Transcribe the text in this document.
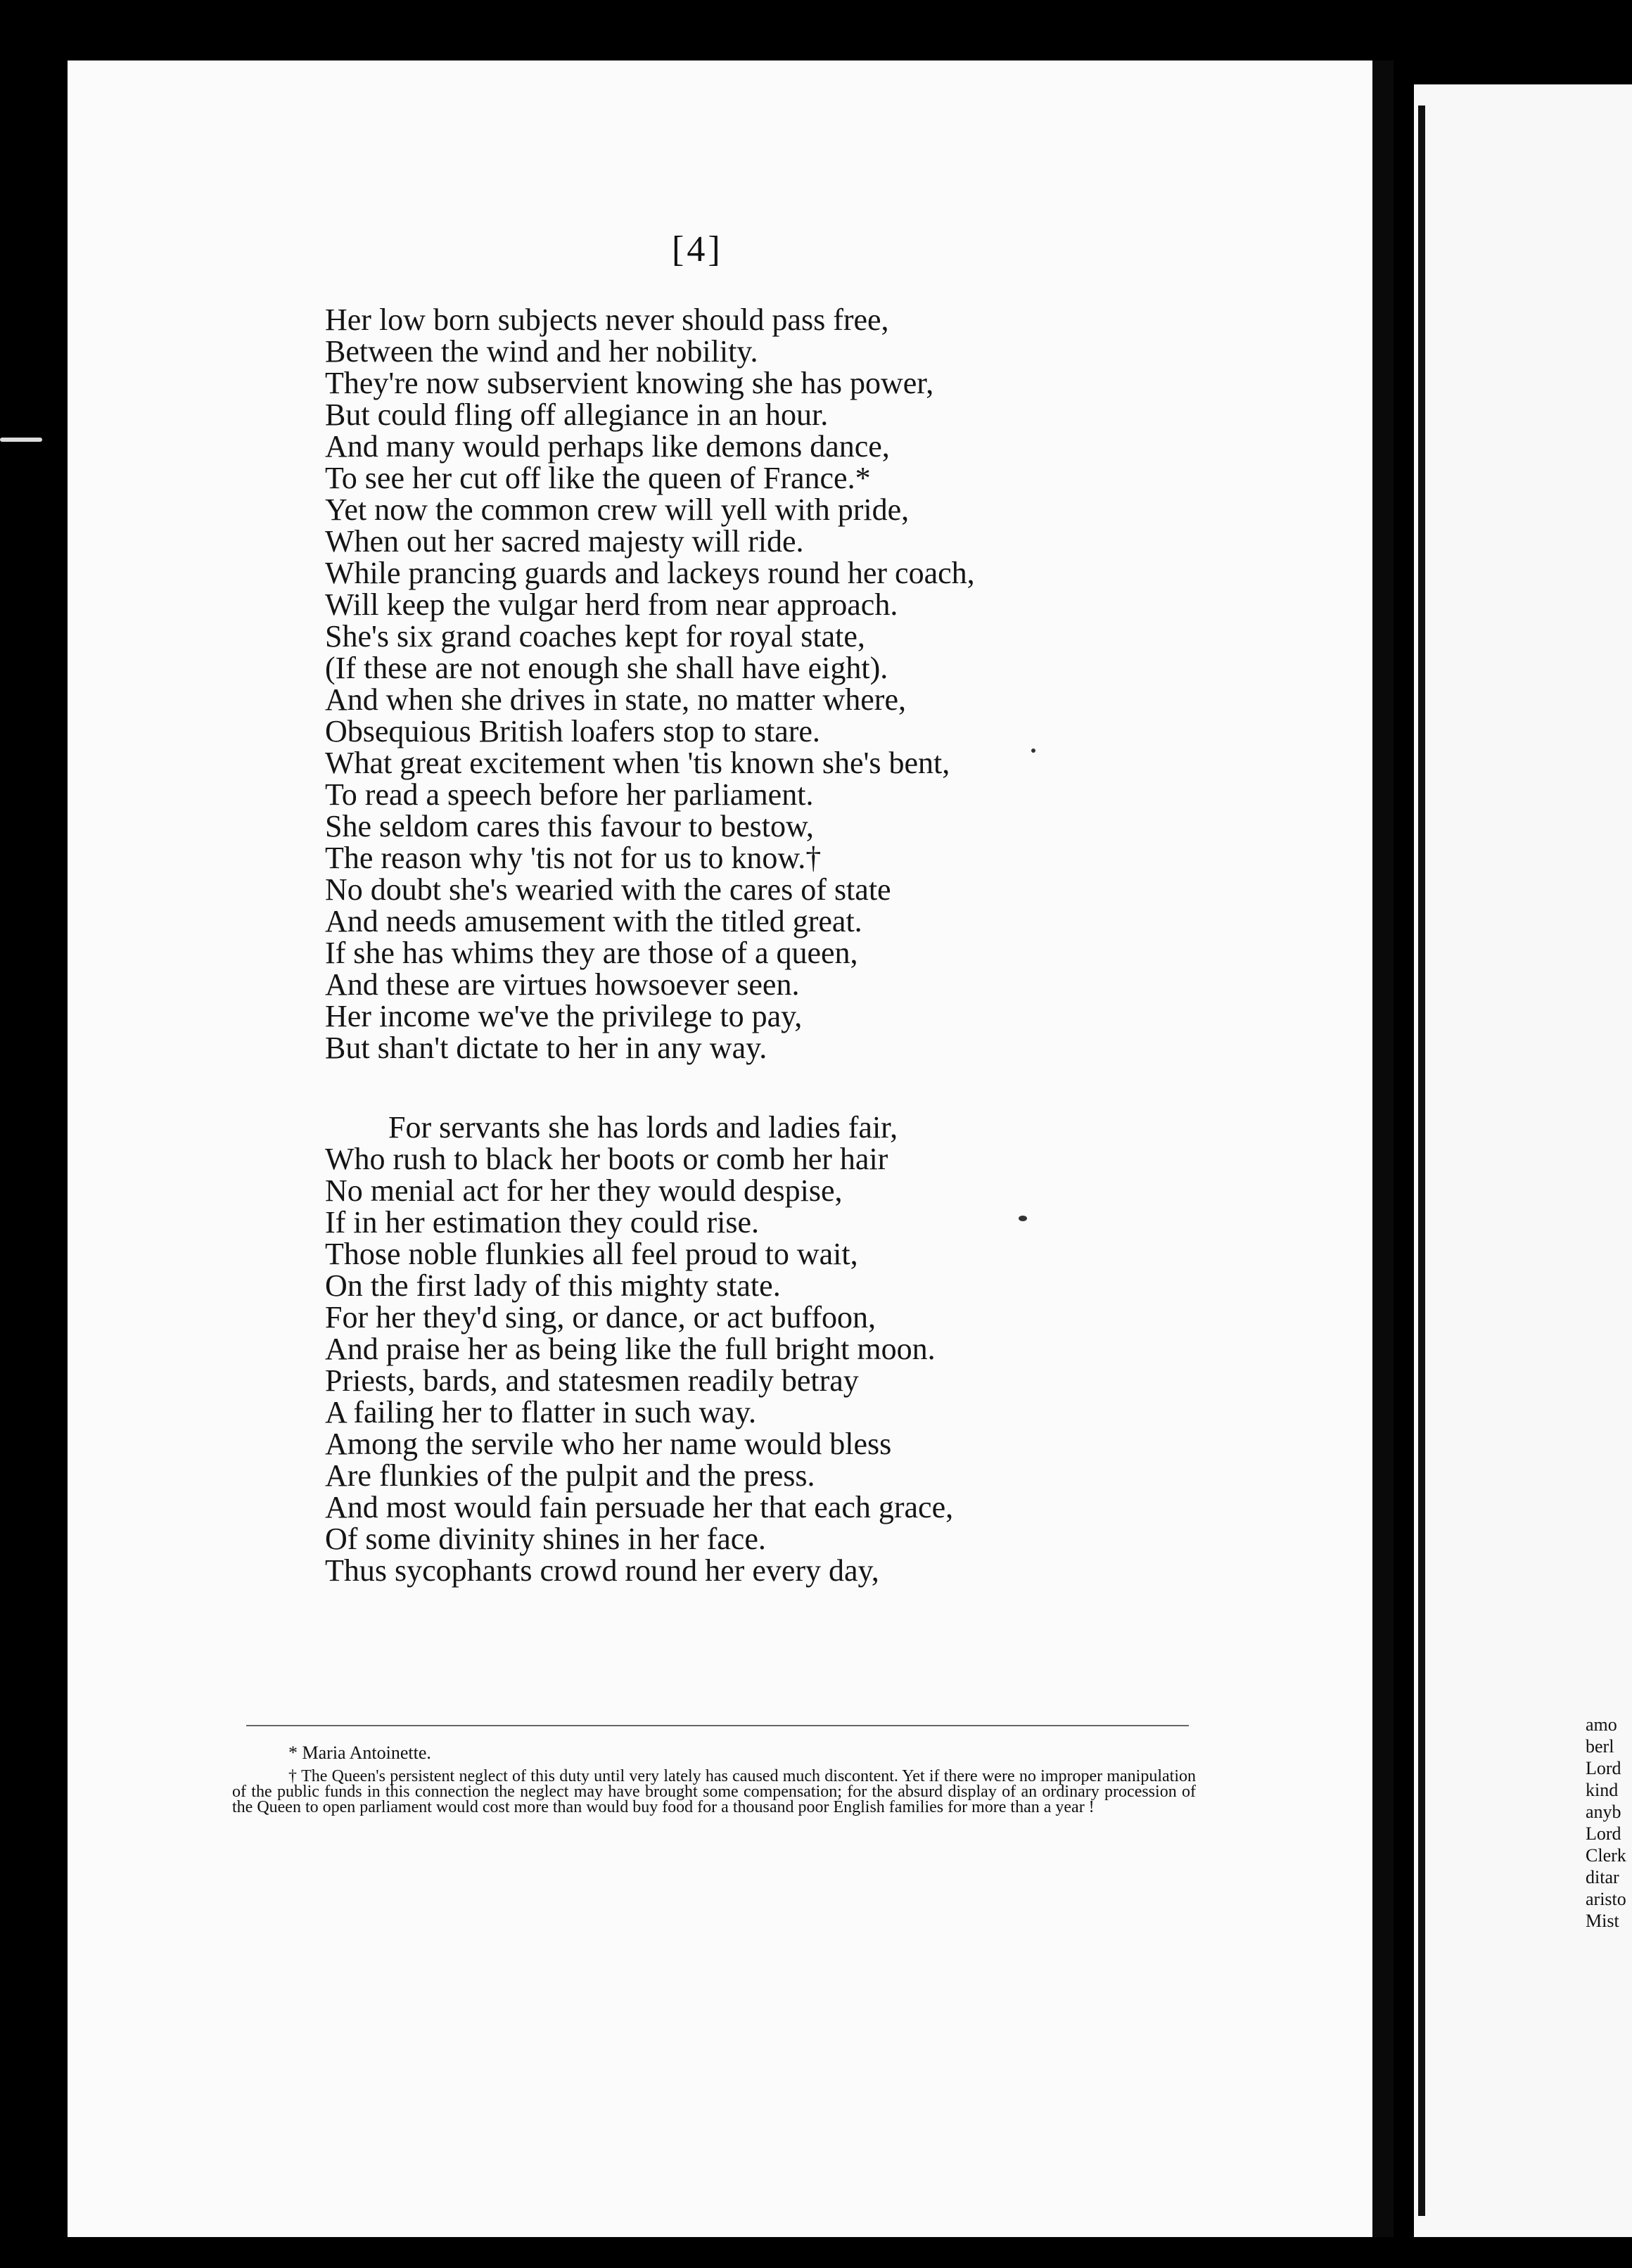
[4]
Her low born subjects never should pass free,
Between the wind and her nobility.
They're now subservient knowing she has power,
But could fling off allegiance in an hour.
And many would perhaps like demons dance,
To see her cut off like the queen of France.*
Yet now the common crew will yell with pride,
When out her sacred majesty will ride.
While prancing guards and lackeys round her coach,
Will keep the vulgar herd from near approach.
She's six grand coaches kept for royal state,
(If these are not enough she shall have eight).
And when she drives in state, no matter where,
Obsequious British loafers stop to stare.
What great excitement when 'tis known she's bent,
To read a speech before her parliament.
She seldom cares this favour to bestow,
The reason why 'tis not for us to know.†
No doubt she's wearied with the cares of state
And needs amusement with the titled great.
If she has whims they are those of a queen,
And these are virtues howsoever seen.
Her income we've the privilege to pay,
But shan't dictate to her in any way.
For servants she has lords and ladies fair,
Who rush to black her boots or comb her hair
No menial act for her they would despise,
If in her estimation they could rise.
Those noble flunkies all feel proud to wait,
On the first lady of this mighty state.
For her they'd sing, or dance, or act buffoon,
And praise her as being like the full bright moon.
Priests, bards, and statesmen readily betray
A failing her to flatter in such way.
Among the servile who her name would bless
Are flunkies of the pulpit and the press.
And most would fain persuade her that each grace,
Of some divinity shines in her face.
Thus sycophants crowd round her every day,
* Maria Antoinette.
† The Queen's persistent neglect of this duty until very lately has caused much discontent. Yet if there were no improper manipulation of the public funds in this connection the neglect may have brought some compensation; for the absurd display of an ordinary procession of the Queen to open parliament would cost more than would buy food for a thousand poor English families for more than a year !
amo
berl
Lord
kind
anyb
Lord
Clerk
ditar
aristo
Mist
